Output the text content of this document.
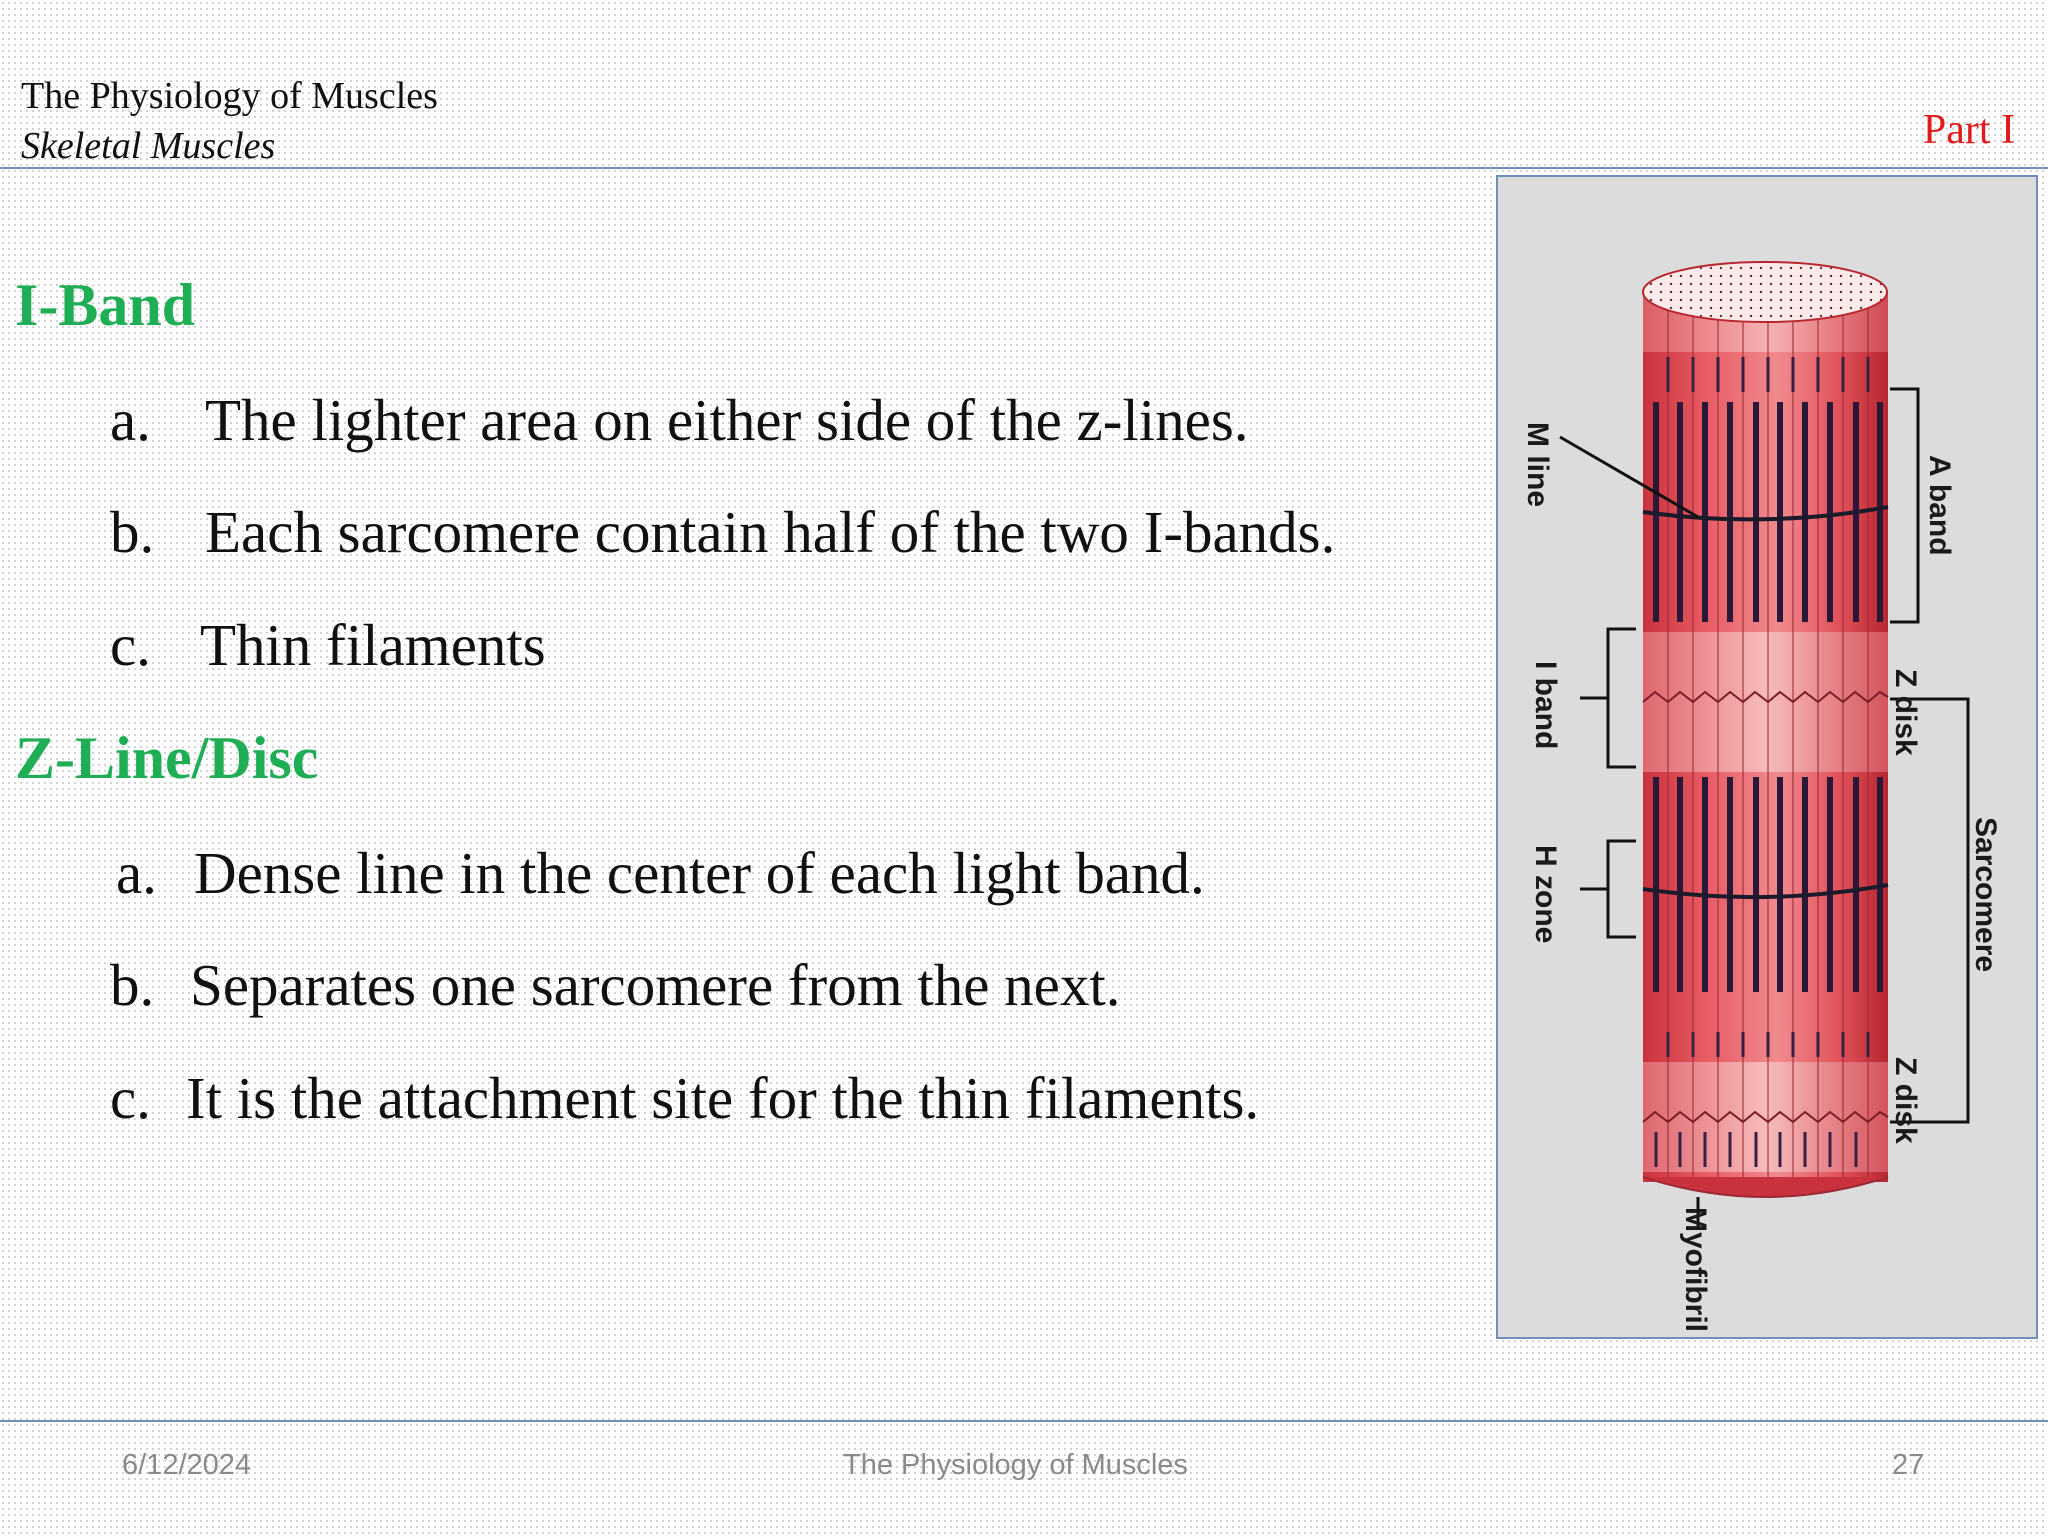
The Physiology of Muscles
Skeletal Muscles	Part I
I-Band
a. The lighter area on either side of the z-lines.
b. Each sarcomere contain half of the two I-bands.
c. Thin filaments
Z-Line/Disc
a. Dense line in the center of each light band.
b. Separates one sarcomere from the next.
c. It is the attachment site for the thin filaments.
M line	A band
I band	Z disk
Sarcomere
H zone
Z disk
Myofibril
6/12/2024	The Physiology of Muscles	27
